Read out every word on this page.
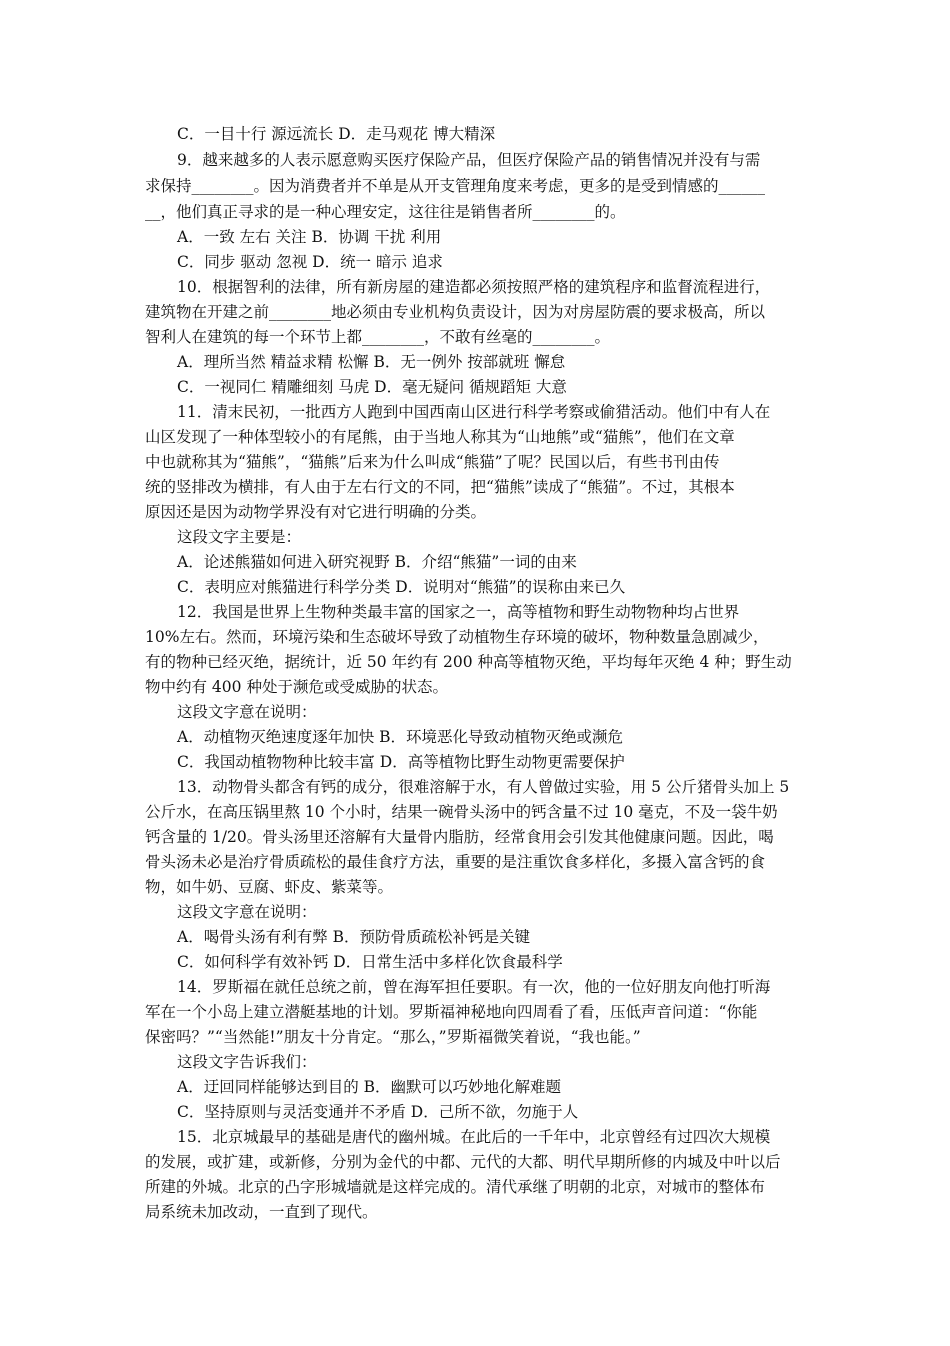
C．一目十行 源远流长 D．走马观花 博大精深
9．越来越多的人表示愿意购买医疗保险产品，但医疗保险产品的销售情况并没有与需
求保持________。因为消费者并不单是从开支管理角度来考虑，更多的是受到情感的______
__，他们真正寻求的是一种心理安定，这往往是销售者所________的。
A．一致 左右 关注 B．协调 干扰 利用
C．同步 驱动 忽视 D．统一 暗示 追求
10．根据智利的法律，所有新房屋的建造都必须按照严格的建筑程序和监督流程进行，
建筑物在开建之前________地必须由专业机构负责设计，因为对房屋防震的要求极高，所以
智利人在建筑的每一个环节上都________，不敢有丝毫的________。
A．理所当然 精益求精 松懈 B．无一例外 按部就班 懈怠
C．一视同仁 精雕细刻 马虎 D．毫无疑问 循规蹈矩 大意
11．清末民初，一批西方人跑到中国西南山区进行科学考察或偷猎活动。他们中有人在
山区发现了一种体型较小的有尾熊，由于当地人称其为“山地熊”或“猫熊”，他们在文章
中也就称其为“猫熊”，“猫熊”后来为什么叫成“熊猫”了呢？民国以后，有些书刊由传
统的竖排改为横排，有人由于左右行文的不同，把“猫熊”读成了“熊猫”。不过，其根本
原因还是因为动物学界没有对它进行明确的分类。
这段文字主要是：
A．论述熊猫如何进入研究视野 B．介绍“熊猫”一词的由来
C．表明应对熊猫进行科学分类 D．说明对“熊猫”的误称由来已久
12．我国是世界上生物种类最丰富的国家之一，高等植物和野生动物物种均占世界
10%左右。然而，环境污染和生态破坏导致了动植物生存环境的破坏，物种数量急剧减少，
有的物种已经灭绝，据统计，近 50 年约有 200 种高等植物灭绝，平均每年灭绝 4 种；野生动
物中约有 400 种处于濒危或受威胁的状态。
这段文字意在说明：
A．动植物灭绝速度逐年加快 B．环境恶化导致动植物灭绝或濒危
C．我国动植物物种比较丰富 D．高等植物比野生动物更需要保护
13．动物骨头都含有钙的成分，很难溶解于水，有人曾做过实验，用 5 公斤猪骨头加上 5
公斤水，在高压锅里熬 10 个小时，结果一碗骨头汤中的钙含量不过 10 毫克，不及一袋牛奶
钙含量的 1/20。骨头汤里还溶解有大量骨内脂肪，经常食用会引发其他健康问题。因此，喝
骨头汤未必是治疗骨质疏松的最佳食疗方法，重要的是注重饮食多样化，多摄入富含钙的食
物，如牛奶、豆腐、虾皮、紫菜等。
这段文字意在说明：
A．喝骨头汤有利有弊 B．预防骨质疏松补钙是关键
C．如何科学有效补钙 D．日常生活中多样化饮食最科学
14．罗斯福在就任总统之前，曾在海军担任要职。有一次，他的一位好朋友向他打听海
军在一个小岛上建立潜艇基地的计划。罗斯福神秘地向四周看了看，压低声音问道：“你能
保密吗？”“当然能!”朋友十分肯定。“那么，”罗斯福微笑着说，“我也能。”
这段文字告诉我们：
A．迂回同样能够达到目的 B．幽默可以巧妙地化解难题
C．坚持原则与灵活变通并不矛盾 D．己所不欲，勿施于人
15．北京城最早的基础是唐代的幽州城。在此后的一千年中，北京曾经有过四次大规模
的发展，或扩建，或新修，分别为金代的中都、元代的大都、明代早期所修的内城及中叶以后
所建的外城。北京的凸字形城墙就是这样完成的。清代承继了明朝的北京，对城市的整体布
局系统未加改动，一直到了现代。
